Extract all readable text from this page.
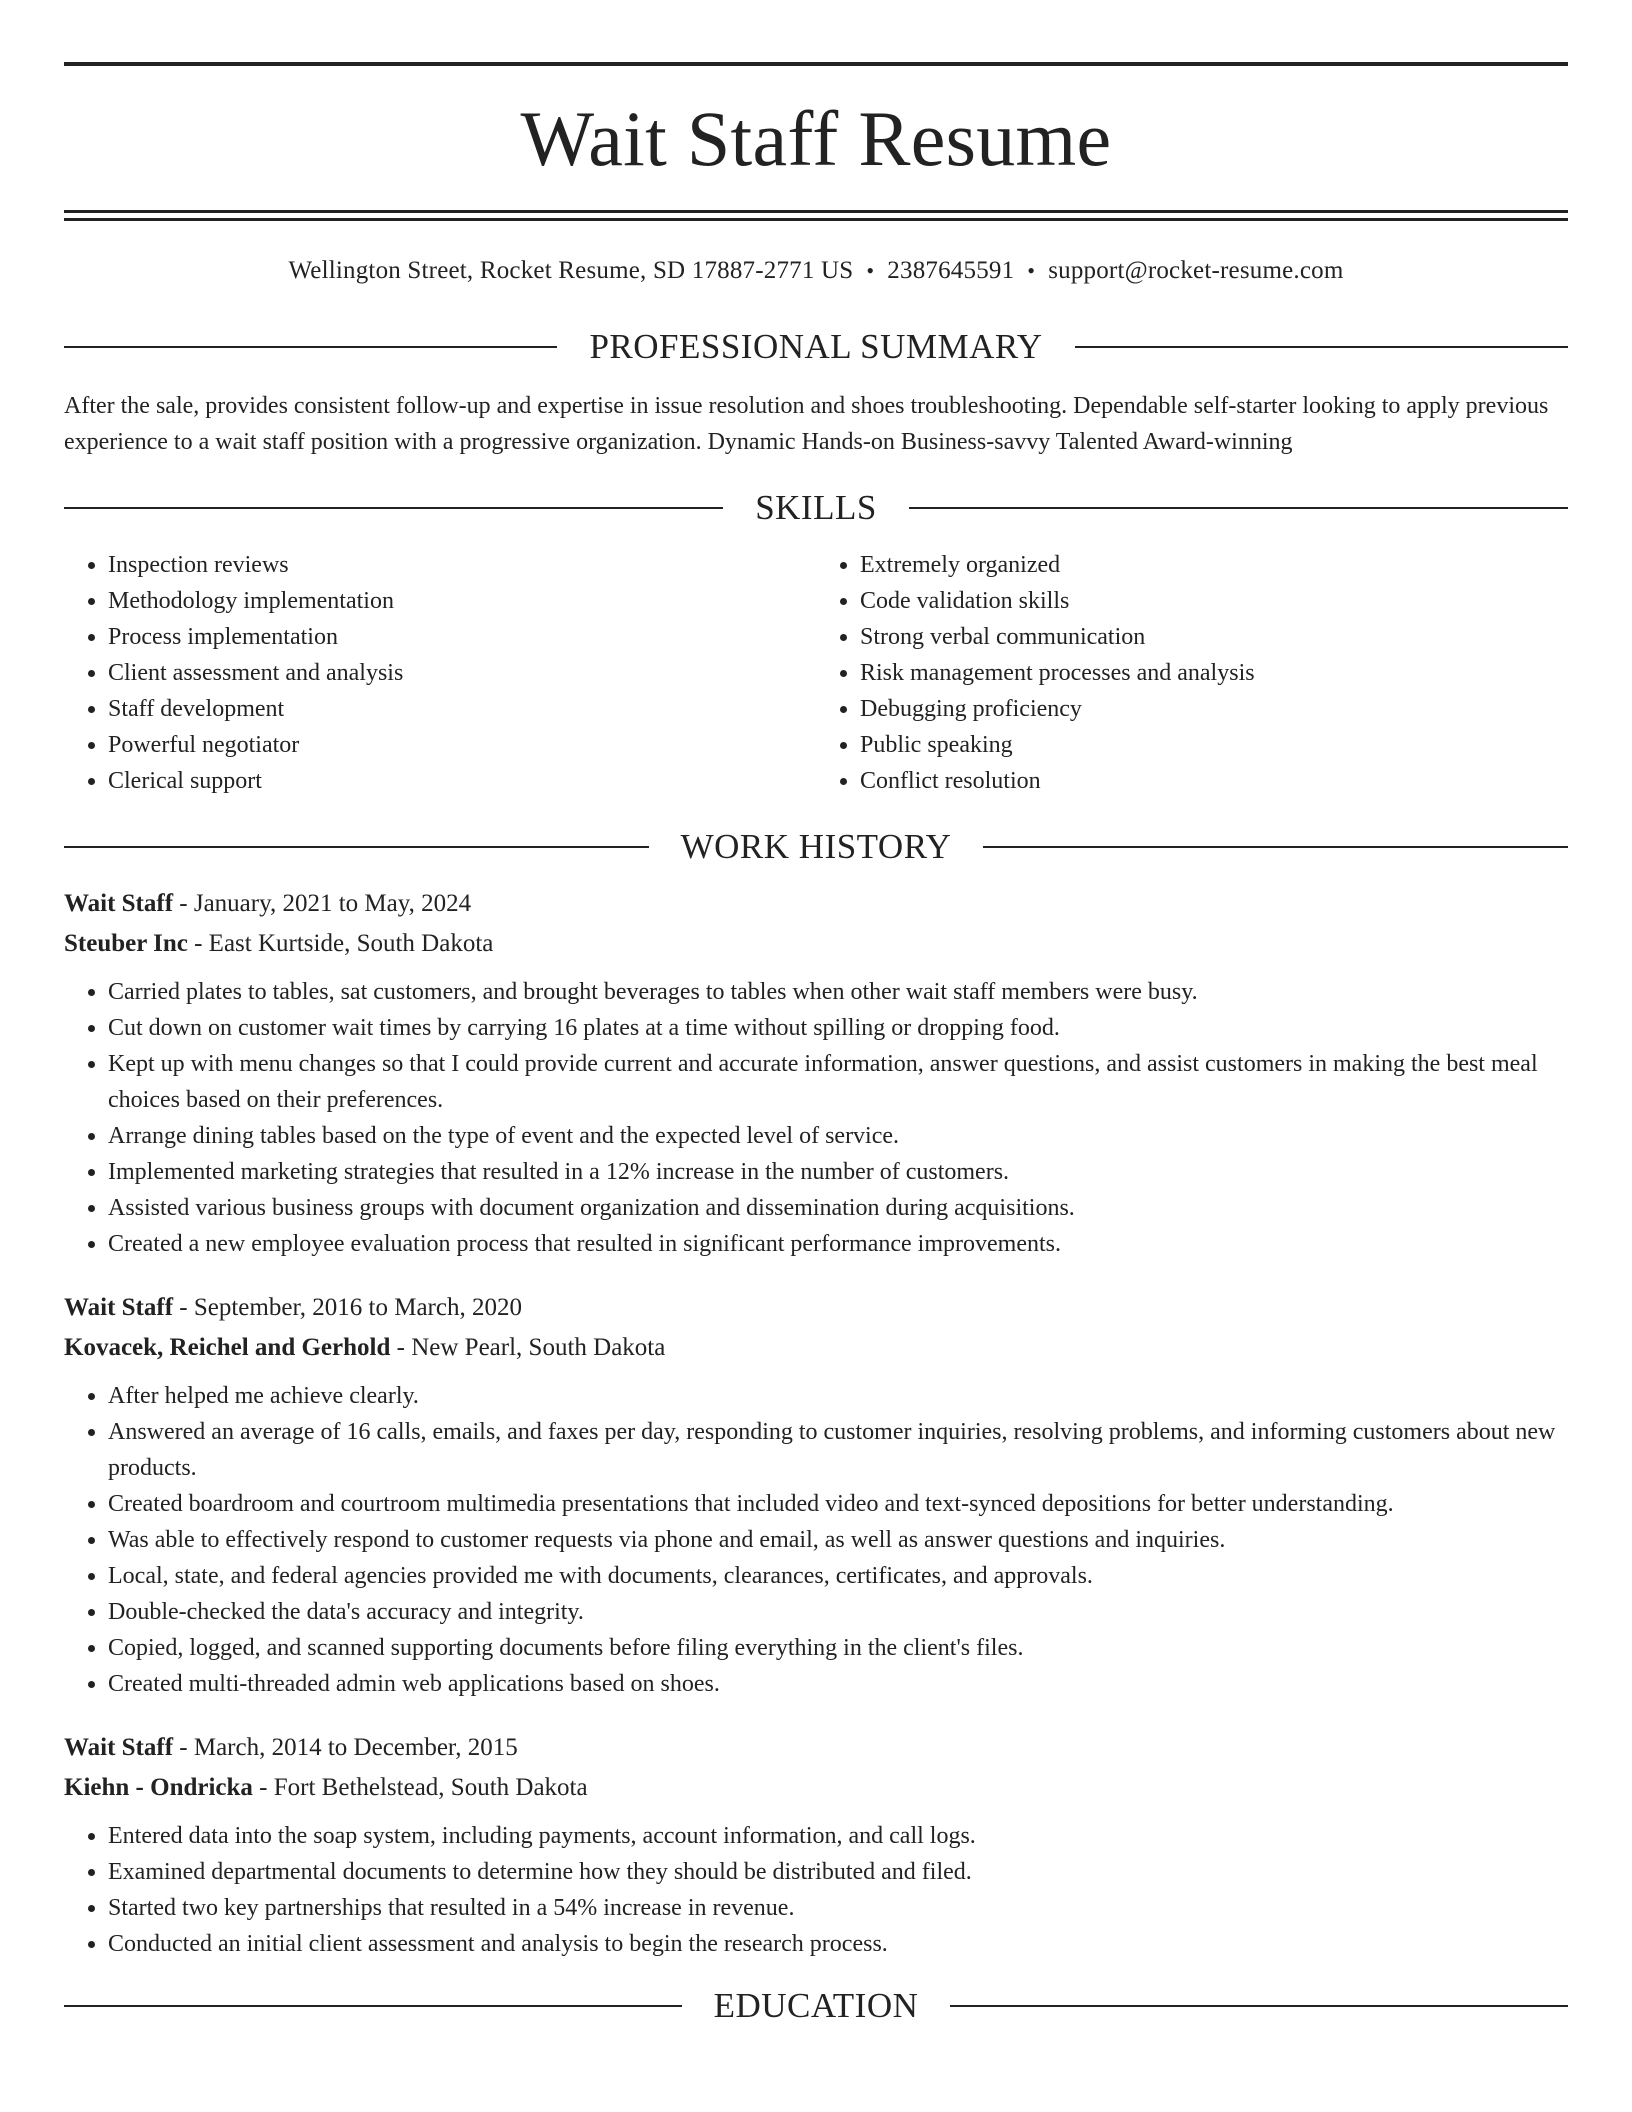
Wait Staff Resume
Wellington Street, Rocket Resume, SD 17887-2771 US • 2387645591 • support@rocket-resume.com
PROFESSIONAL SUMMARY

After the sale, provides consistent follow-up and expertise in issue resolution and shoes troubleshooting. Dependable self-starter looking to apply previous experience to a wait staff position with a progressive organization. Dynamic Hands-on Business-savvy Talented Award-winning

SKILLS
• Inspection reviews
• Methodology implementation
• Process implementation
• Client assessment and analysis
• Staff development
• Powerful negotiator
• Clerical support
• Extremely organized
• Code validation skills
• Strong verbal communication
• Risk management processes and analysis
• Debugging proficiency
• Public speaking
• Conflict resolution
WORK HISTORY
Wait Staff - January, 2021 to May, 2024
Steuber Inc - East Kurtside, South Dakota
• Carried plates to tables, sat customers, and brought beverages to tables when other wait staff members were busy.
• Cut down on customer wait times by carrying 16 plates at a time without spilling or dropping food.
• Kept up with menu changes so that I could provide current and accurate information, answer questions, and assist customers in making the best meal choices based on their preferences.
• Arrange dining tables based on the type of event and the expected level of service.
• Implemented marketing strategies that resulted in a 12% increase in the number of customers.
• Assisted various business groups with document organization and dissemination during acquisitions.
• Created a new employee evaluation process that resulted in significant performance improvements.
Wait Staff - September, 2016 to March, 2020
Kovacek, Reichel and Gerhold - New Pearl, South Dakota
• After helped me achieve clearly.
• Answered an average of 16 calls, emails, and faxes per day, responding to customer inquiries, resolving problems, and informing customers about new products.
• Created boardroom and courtroom multimedia presentations that included video and text-synced depositions for better understanding.
• Was able to effectively respond to customer requests via phone and email, as well as answer questions and inquiries.
• Local, state, and federal agencies provided me with documents, clearances, certificates, and approvals.
• Double-checked the data's accuracy and integrity.
• Copied, logged, and scanned supporting documents before filing everything in the client's files.
• Created multi-threaded admin web applications based on shoes.
Wait Staff - March, 2014 to December, 2015
Kiehn - Ondricka - Fort Bethelstead, South Dakota
• Entered data into the soap system, including payments, account information, and call logs.
• Examined departmental documents to determine how they should be distributed and filed.
• Started two key partnerships that resulted in a 54% increase in revenue.
• Conducted an initial client assessment and analysis to begin the research process.
EDUCATION
